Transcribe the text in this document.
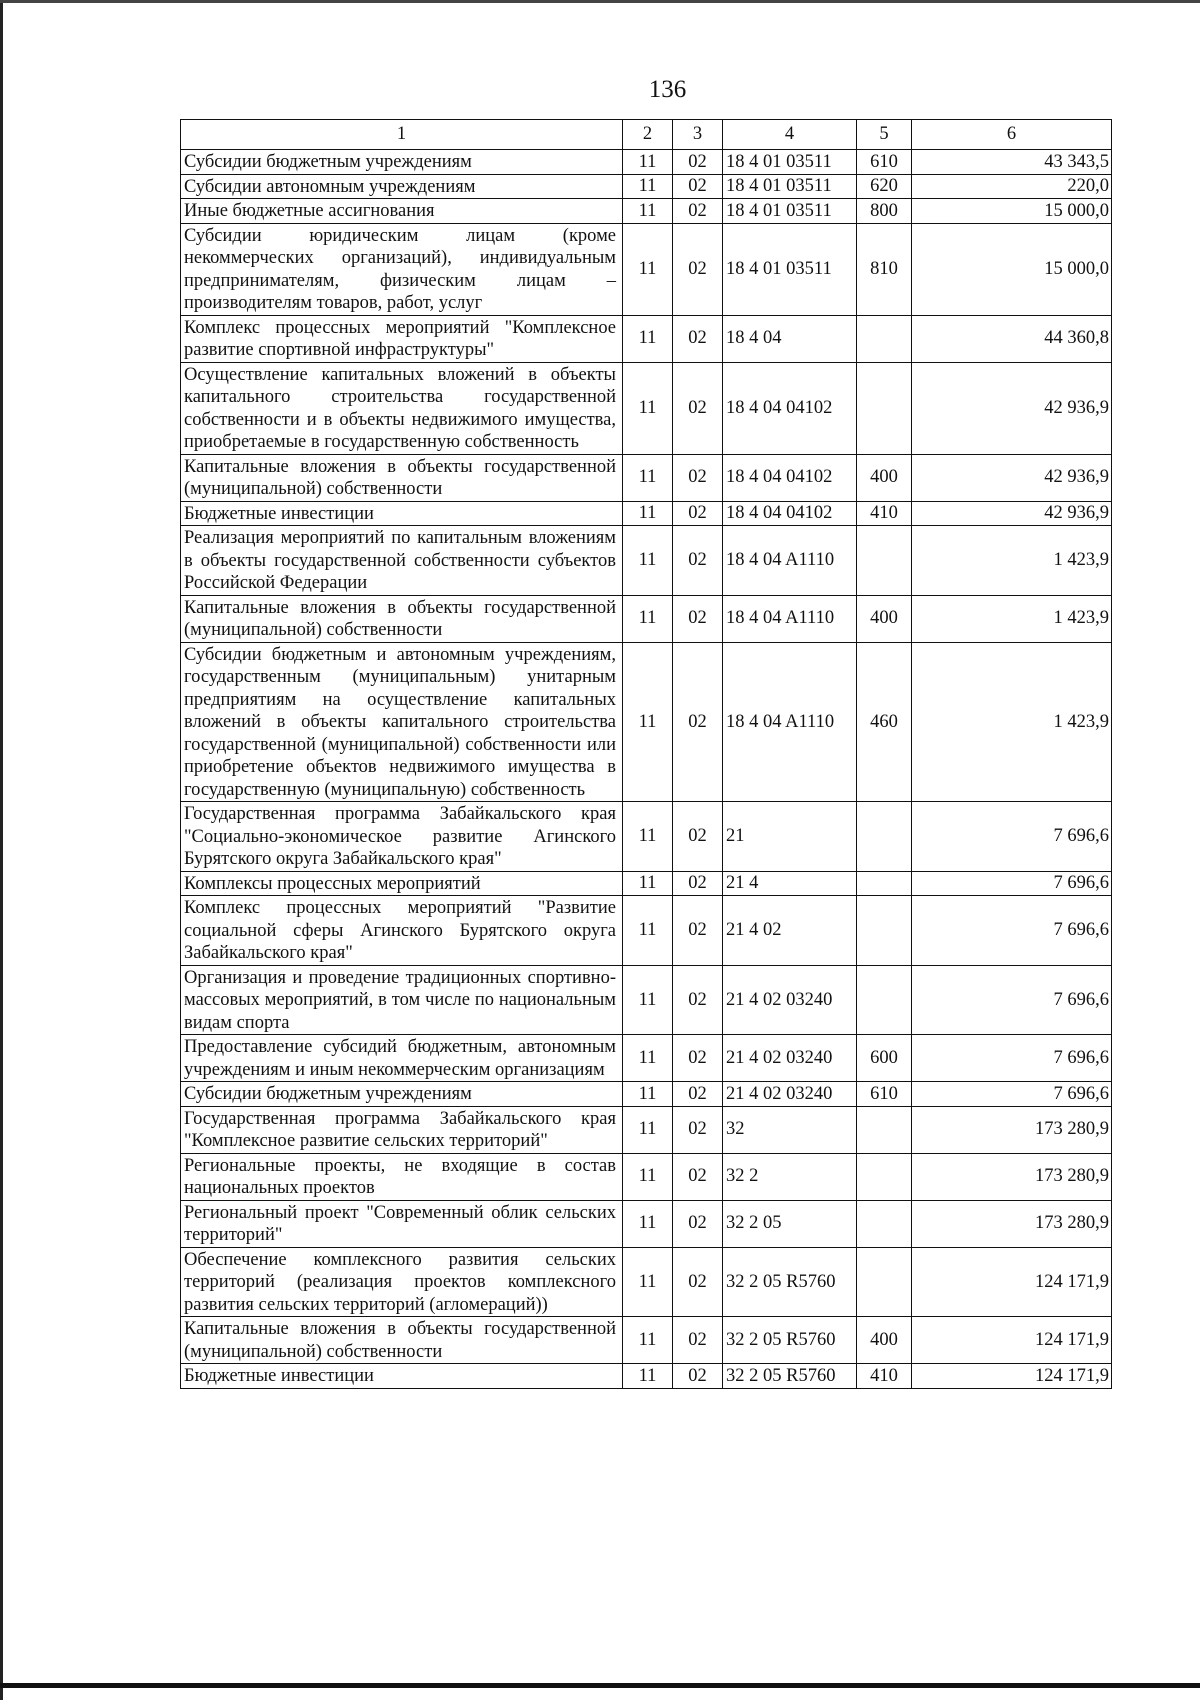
136
1	2	3	4	5	6
Субсидии бюджетным учреждениям	11	02	18 4 01 03511	610	43 343,5
Субсидии автономным учреждениям	11	02	18 4 01 03511	620	220,0
Иные бюджетные ассигнования	11	02	18 4 01 03511	800	15 000,0
Субсидии юридическим лицам (кроме некоммерческих организаций), индивидуальным предпринимателям, физическим лицам – производителям товаров, работ, услуг	11	02	18 4 01 03511	810	15 000,0
Комплекс процессных мероприятий "Комплексное развитие спортивной инфраструктуры"	11	02	18 4 04		44 360,8
Осуществление капитальных вложений в объекты капитального строительства государственной собственности и в объекты недвижимого имущества, приобретаемые в государственную собственность	11	02	18 4 04 04102		42 936,9
Капитальные вложения в объекты государственной (муниципальной) собственности	11	02	18 4 04 04102	400	42 936,9
Бюджетные инвестиции	11	02	18 4 04 04102	410	42 936,9
Реализация мероприятий по капитальным вложениям в объекты государственной собственности субъектов Российской Федерации	11	02	18 4 04 A1110		1 423,9
Капитальные вложения в объекты государственной (муниципальной) собственности	11	02	18 4 04 A1110	400	1 423,9
Субсидии бюджетным и автономным учреждениям, государственным (муниципальным) унитарным предприятиям на осуществление капитальных вложений в объекты капитального строительства государственной (муниципальной) собственности или приобретение объектов недвижимого имущества в государственную (муниципальную) собственность	11	02	18 4 04 A1110	460	1 423,9
Государственная программа Забайкальского края "Социально-экономическое развитие Агинского Бурятского округа Забайкальского края"	11	02	21		7 696,6
Комплексы процессных мероприятий	11	02	21 4		7 696,6
Комплекс процессных мероприятий "Развитие социальной сферы Агинского Бурятского округа Забайкальского края"	11	02	21 4 02		7 696,6
Организация и проведение традиционных спортивно-массовых мероприятий, в том числе по национальным видам спорта	11	02	21 4 02 03240		7 696,6
Предоставление субсидий бюджетным, автономным учреждениям и иным некоммерческим организациям	11	02	21 4 02 03240	600	7 696,6
Субсидии бюджетным учреждениям	11	02	21 4 02 03240	610	7 696,6
Государственная программа Забайкальского края "Комплексное развитие сельских территорий"	11	02	32		173 280,9
Региональные проекты, не входящие в состав национальных проектов	11	02	32 2		173 280,9
Региональный проект "Современный облик сельских территорий"	11	02	32 2 05		173 280,9
Обеспечение комплексного развития сельских территорий (реализация проектов комплексного развития сельских территорий (агломераций))	11	02	32 2 05 R5760		124 171,9
Капитальные вложения в объекты государственной (муниципальной) собственности	11	02	32 2 05 R5760	400	124 171,9
Бюджетные инвестиции	11	02	32 2 05 R5760	410	124 171,9
